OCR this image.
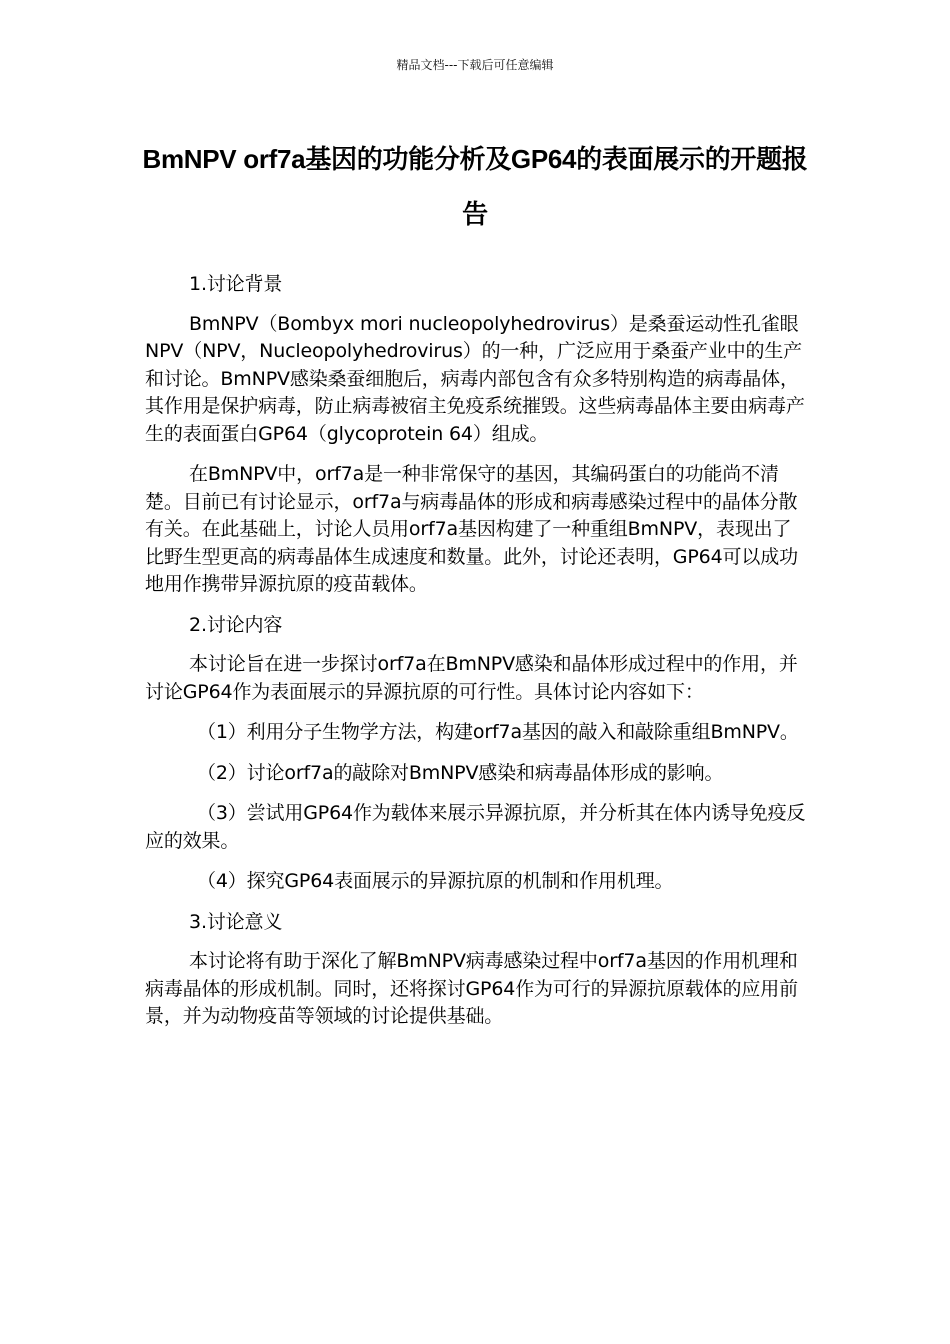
精品文档---下载后可任意编辑
BmNPV orf7a基因的功能分析及GP64的表面展示的开题报告

1.讨论背景

BmNPV（Bombyx mori nucleopolyhedrovirus）是桑蚕运动性孔雀眼NPV（NPV，Nucleopolyhedrovirus）的一种，广泛应用于桑蚕产业中的生产和讨论。BmNPV感染桑蚕细胞后，病毒内部包含有众多特别构造的病毒晶体，其作用是保护病毒，防止病毒被宿主免疫系统摧毁。这些病毒晶体主要由病毒产生的表面蛋白GP64（glycoprotein 64）组成。

在BmNPV中，orf7a是一种非常保守的基因，其编码蛋白的功能尚不清楚。目前已有讨论显示，orf7a与病毒晶体的形成和病毒感染过程中的晶体分散有关。在此基础上，讨论人员用orf7a基因构建了一种重组BmNPV，表现出了比野生型更高的病毒晶体生成速度和数量。此外，讨论还表明，GP64可以成功地用作携带异源抗原的疫苗载体。

2.讨论内容

本讨论旨在进一步探讨orf7a在BmNPV感染和晶体形成过程中的作用，并讨论GP64作为表面展示的异源抗原的可行性。具体讨论内容如下：

（1）利用分子生物学方法，构建orf7a基因的敲入和敲除重组BmNPV。

（2）讨论orf7a的敲除对BmNPV感染和病毒晶体形成的影响。

（3）尝试用GP64作为载体来展示异源抗原，并分析其在体内诱导免疫反应的效果。

（4）探究GP64表面展示的异源抗原的机制和作用机理。

3.讨论意义

本讨论将有助于深化了解BmNPV病毒感染过程中orf7a基因的作用机理和病毒晶体的形成机制。同时，还将探讨GP64作为可行的异源抗原载体的应用前景，并为动物疫苗等领域的讨论提供基础。
